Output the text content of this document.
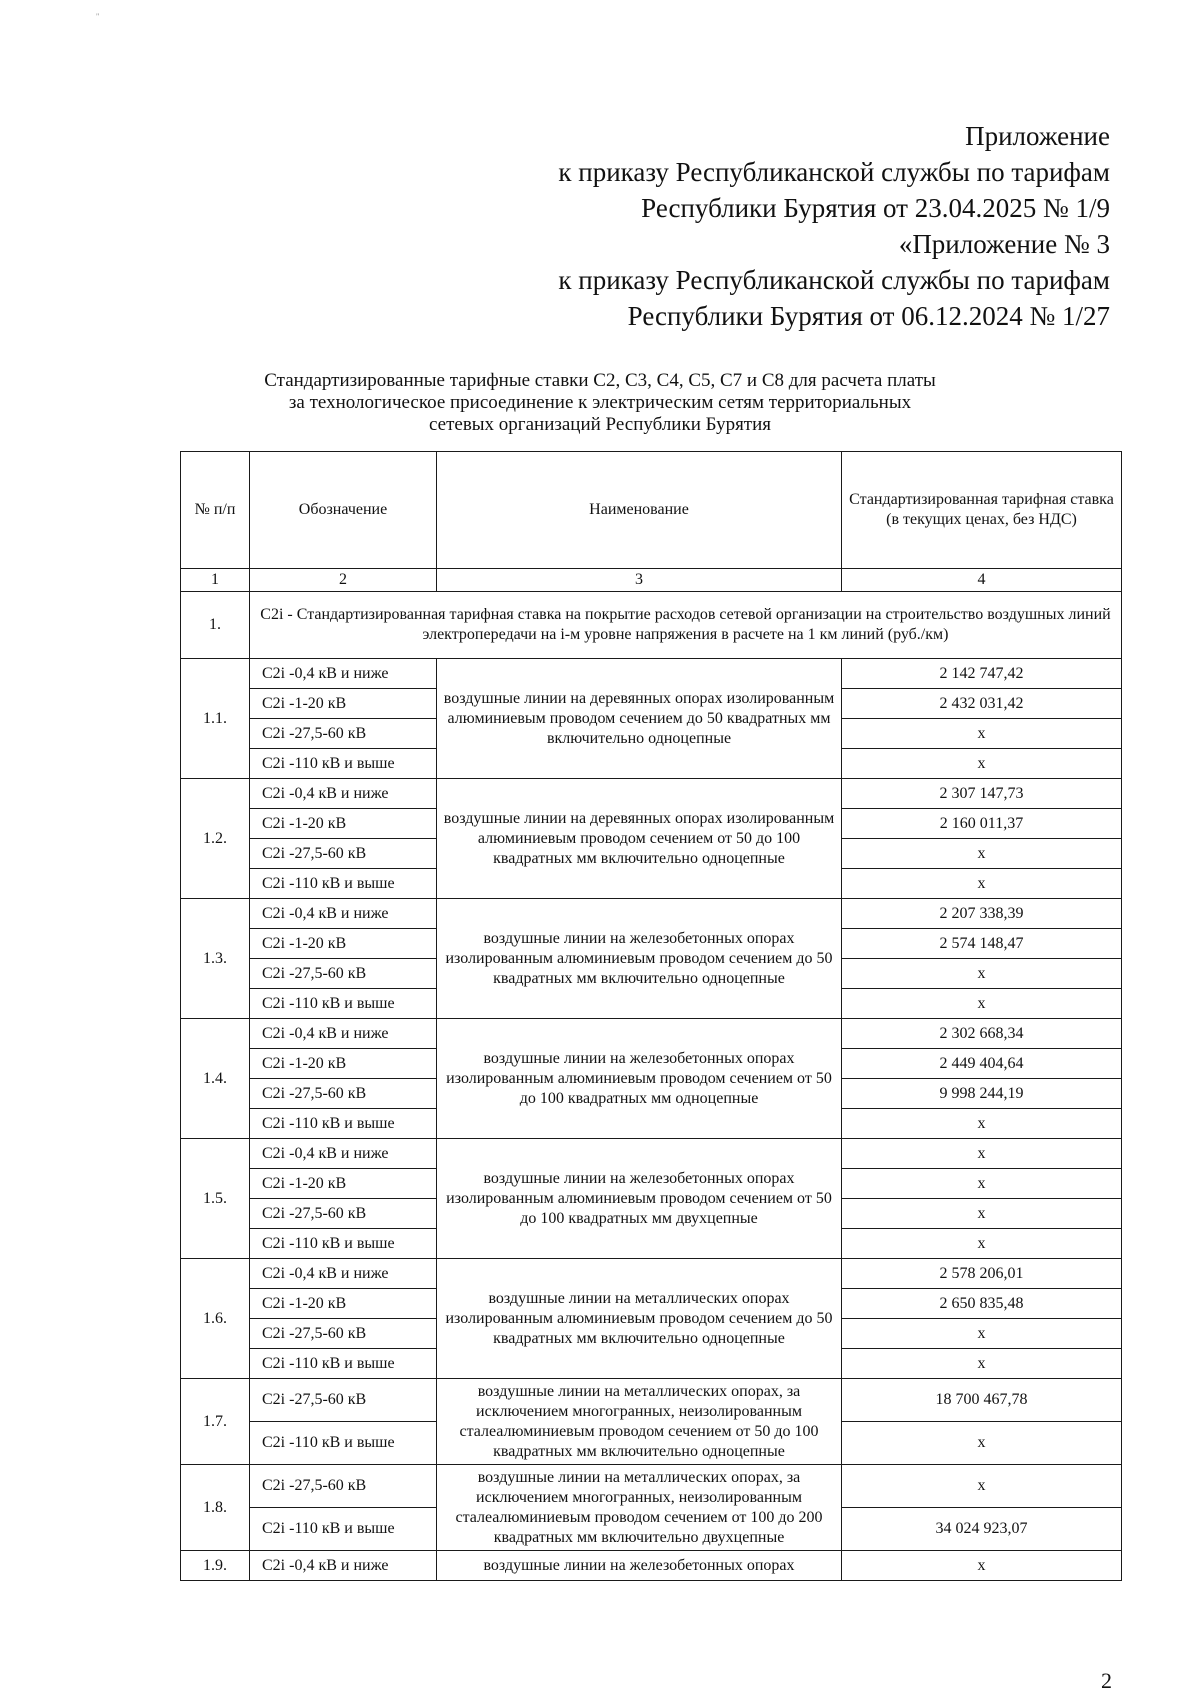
"
Приложение
к приказу Республиканской службы по тарифам
Республики Бурятия от 23.04.2025 № 1/9
«Приложение № 3
к приказу Республиканской службы по тарифам
Республики Бурятия от 06.12.2024 № 1/27
Стандартизированные тарифные ставки С2, С3, С4, С5, С7 и С8 для расчета платы
за технологическое присоединение к электрическим сетям территориальных
сетевых организаций Республики Бурятия
№ п/п	Обозначение	Наименование	Стандартизированная тарифная ставка (в текущих ценах, без НДС)
1	2	3	4
1.	С2i - Стандартизированная тарифная ставка на покрытие расходов сетевой организации на строительство воздушных линий электропередачи на i-м уровне напряжения в расчете на 1 км линий (руб./км)		
1.1.	С2i -0,4 кВ и ниже	воздушные линии на деревянных опорах изолированным алюминиевым проводом сечением до 50 квадратных мм включительно одноцепные	2 142 747,42
	С2i -1-20 кВ		2 432 031,42
	С2i -27,5-60 кВ		х
	С2i -110 кВ и выше		х
1.2.	С2i -0,4 кВ и ниже	воздушные линии на деревянных опорах изолированным алюминиевым проводом сечением от 50 до 100 квадратных мм включительно одноцепные	2 307 147,73
	С2i -1-20 кВ		2 160 011,37
	С2i -27,5-60 кВ		х
	С2i -110 кВ и выше		х
1.3.	С2i -0,4 кВ и ниже	воздушные линии на железобетонных опорах изолированным алюминиевым проводом сечением до 50 квадратных мм включительно одноцепные	2 207 338,39
	С2i -1-20 кВ		2 574 148,47
	С2i -27,5-60 кВ		х
	С2i -110 кВ и выше		х
1.4.	С2i -0,4 кВ и ниже	воздушные линии на железобетонных опорах изолированным алюминиевым проводом сечением от 50 до 100 квадратных мм одноцепные	2 302 668,34
	С2i -1-20 кВ		2 449 404,64
	С2i -27,5-60 кВ		9 998 244,19
	С2i -110 кВ и выше		х
1.5.	С2i -0,4 кВ и ниже	воздушные линии на железобетонных опорах изолированным алюминиевым проводом сечением от 50 до 100 квадратных мм двухцепные	х
	С2i -1-20 кВ		х
	С2i -27,5-60 кВ		х
	С2i -110 кВ и выше		х
1.6.	С2i -0,4 кВ и ниже	воздушные линии на металлических опорах изолированным алюминиевым проводом сечением до 50 квадратных мм включительно одноцепные	2 578 206,01
	С2i -1-20 кВ		2 650 835,48
	С2i -27,5-60 кВ		х
	С2i -110 кВ и выше		х
1.7.	С2i -27,5-60 кВ	воздушные линии на металлических опорах, за исключением многогранных, неизолированным сталеалюминиевым проводом сечением от 50 до 100 квадратных мм включительно одноцепные	18 700 467,78
	С2i -110 кВ и выше		х
1.8.	С2i -27,5-60 кВ	воздушные линии на металлических опорах, за исключением многогранных, неизолированным сталеалюминиевым проводом сечением от 100 до 200 квадратных мм включительно двухцепные	х
	С2i -110 кВ и выше		34 024 923,07
1.9.	С2i -0,4 кВ и ниже	воздушные линии на железобетонных опорах	х
2
